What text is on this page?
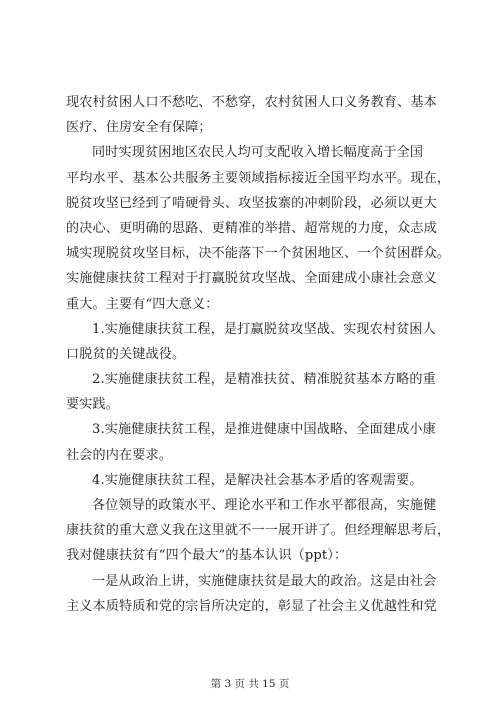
现农村贫困人口不愁吃、不愁穿，农村贫困人口义务教育、基本
医疗、住房安全有保障；
同时实现贫困地区农民人均可支配收入增长幅度高于全国
平均水平、基本公共服务主要领域指标接近全国平均水平。现在，
脱贫攻坚已经到了啃硬骨头、攻坚拔寨的冲刺阶段，必须以更大
的决心、更明确的思路、更精准的举措、超常规的力度，众志成
城实现脱贫攻坚目标，决不能落下一个贫困地区、一个贫困群众。
实施健康扶贫工程对于打赢脱贫攻坚战、全面建成小康社会意义
重大。主要有“四大意义：
1.实施健康扶贫工程，是打赢脱贫攻坚战、实现农村贫困人
口脱贫的关键战役。
2.实施健康扶贫工程，是精准扶贫、精准脱贫基本方略的重
要实践。
3.实施健康扶贫工程，是推进健康中国战略、全面建成小康
社会的内在要求。
4.实施健康扶贫工程，是解决社会基本矛盾的客观需要。
各位领导的政策水平、理论水平和工作水平都很高，实施健
康扶贫的重大意义我在这里就不一一展开讲了。但经理解思考后，
我对健康扶贫有“四个最大”的基本认识（ppt）：
一是从政治上讲，实施健康扶贫是最大的政治。这是由社会
主义本质特质和党的宗旨所决定的，彰显了社会主义优越性和党
第 3 页 共 15 页
